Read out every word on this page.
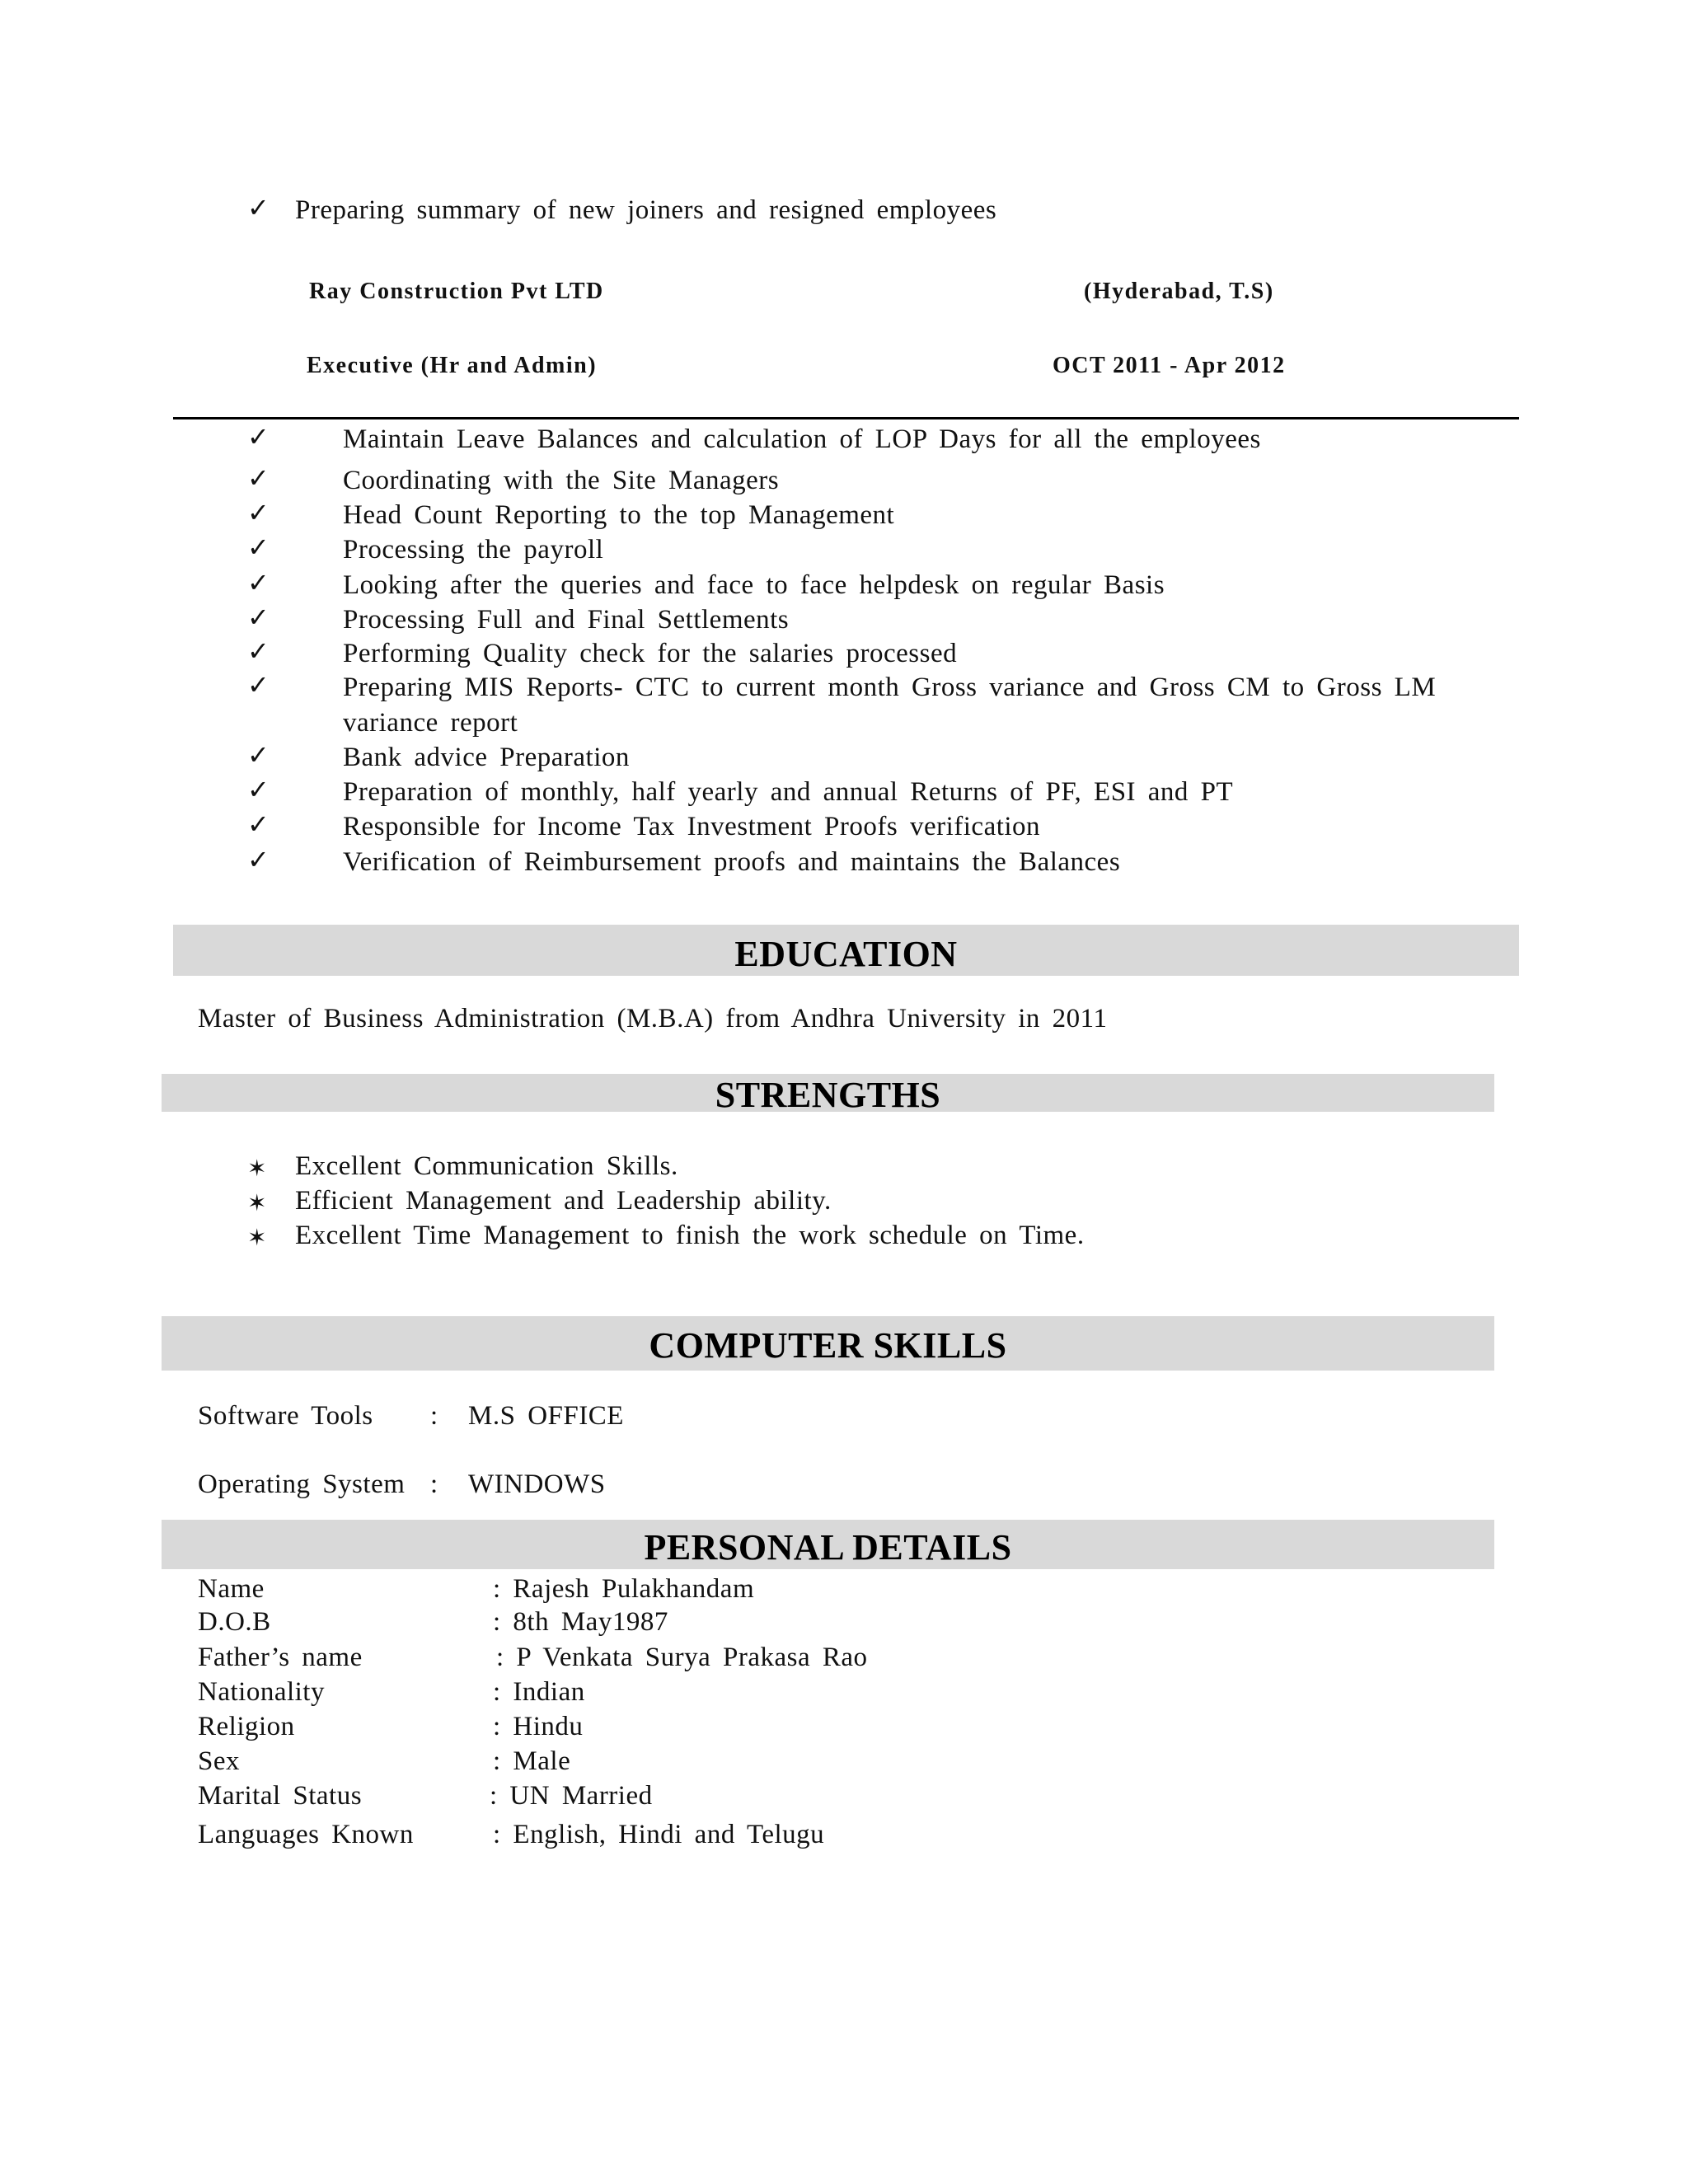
✓ Preparing summary of new joiners and resigned employees
Ray Construction Pvt LTD	(Hyderabad, T.S)
Executive (Hr and Admin)	OCT 2011 - Apr 2012
✓	Maintain Leave Balances and calculation of LOP Days for all the employees
✓	Coordinating with the Site Managers
✓	Head Count Reporting to the top Management
✓	Processing the payroll
✓	Looking after the queries and face to face helpdesk on regular Basis
✓	Processing Full and Final Settlements
✓	Performing Quality check for the salaries processed
✓	Preparing MIS Reports- CTC to current month Gross variance and Gross CM to Gross LM
variance report
✓	Bank advice Preparation
✓	Preparation of monthly, half yearly and annual Returns of PF, ESI and PT
✓	Responsible for Income Tax Investment Proofs verification
✓	Verification of Reimbursement proofs and maintains the Balances
EDUCATION
Master of Business Administration (M.B.A) from Andhra University in 2011
STRENGTHS
✶ Excellent Communication Skills.
✶ Efficient Management and Leadership ability.
✶ Excellent Time Management to finish the work schedule on Time.
COMPUTER SKILLS
Software Tools : M.S OFFICE
Operating System : WINDOWS
PERSONAL DETAILS
Name	: Rajesh Pulakhandam
D.O.B	: 8th May1987
Father’s name	: P Venkata Surya Prakasa Rao
Nationality	: Indian
Religion	: Hindu
Sex	: Male
Marital Status	: UN Married
Languages Known	: English, Hindi and Telugu
